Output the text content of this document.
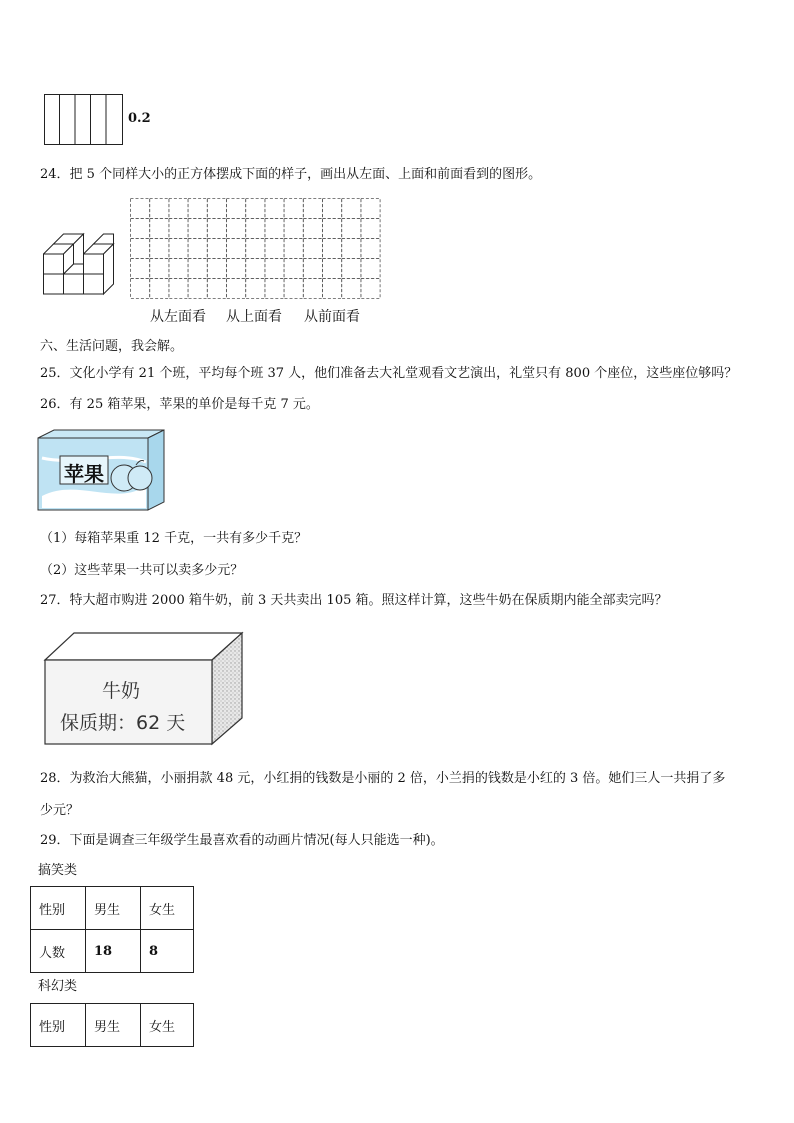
0.2
24．把 5 个同样大小的正方体摆成下面的样子，画出从左面、上面和前面看到的图形。
从左面看 从上面看 从前面看
六、生活问题，我会解。
25．文化小学有 21 个班，平均每个班 37 人，他们准备去大礼堂观看文艺演出，礼堂只有 800 个座位，这些座位够吗？
26．有 25 箱苹果，苹果的单价是每千克 7 元。
苹果
（1）每箱苹果重 12 千克，一共有多少千克？
（2）这些苹果一共可以卖多少元？
27．特大超市购进 2000 箱牛奶，前 3 天共卖出 105 箱。照这样计算，这些牛奶在保质期内能全部卖完吗？
牛奶
保质期：62 天
28．为救治大熊猫，小丽捐款 48 元，小红捐的钱数是小丽的 2 倍，小兰捐的钱数是小红的 3 倍。她们三人一共捐了多
少元？
29．下面是调查三年级学生最喜欢看的动画片情况(每人只能选一种)。
搞笑类
性别	男生	女生
人数	18	8
科幻类
性别	男生	女生
